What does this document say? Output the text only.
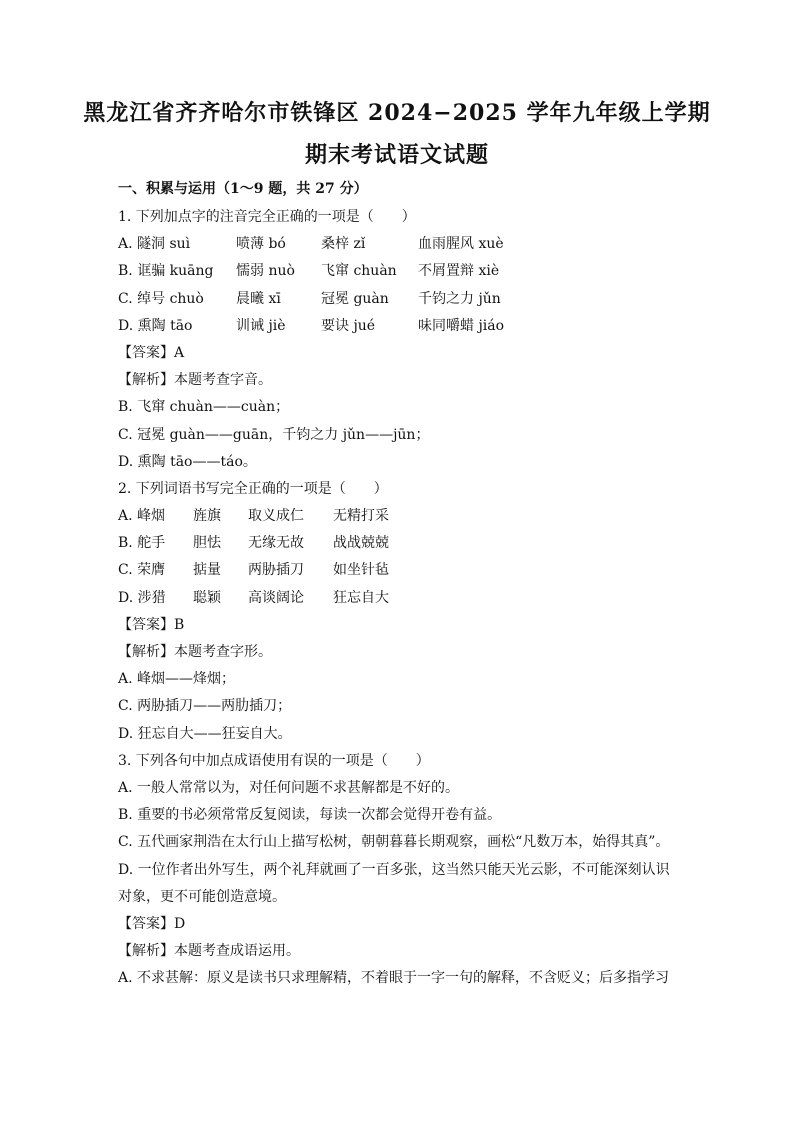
黑龙江省齐齐哈尔市铁锋区 2024−2025 学年九年级上学期
期末考试语文试题
一、积累与运用（1～9 题，共 27 分）
1. 下列加点字的注音完全正确的一项是（　　）
A. 隧洞 suì	喷薄 bó	桑梓 zǐ	血雨腥风 xuè
B. 诓骗 kuāng	懦弱 nuò	飞窜 chuàn	不屑置辩 xiè
C. 绰号 chuò	晨曦 xī	冠冕 guàn	千钧之力 jǔn
D. 熏陶 tāo	训诫 jiè	要诀 jué	味同嚼蜡 jiáo
【答案】A
【解析】本题考查字音。
B. 飞窜 chuàn——cuàn；
C. 冠冕 guàn——guān，千钧之力 jǔn——jūn；
D. 熏陶 tāo——táo。
2. 下列词语书写完全正确的一项是（　　）
A. 峰烟	旌旗	取义成仁	无精打采
B. 舵手	胆怯	无缘无故	战战兢兢
C. 荣膺	掂量	两胁插刀	如坐针毡
D. 涉猎	聪颖	高谈阔论	狂忘自大
【答案】B
【解析】本题考查字形。
A. 峰烟——烽烟；
C. 两胁插刀——两肋插刀；
D. 狂忘自大——狂妄自大。
3. 下列各句中加点成语使用有误的一项是（　　）
A. 一般人常常以为，对任何问题不求甚解都是不好的。
B. 重要的书必须常常反复阅读，每读一次都会觉得开卷有益。
C. 五代画家荆浩在太行山上描写松树，朝朝暮暮长期观察，画松“凡数万本，始得其真”。
D. 一位作者出外写生，两个礼拜就画了一百多张，这当然只能天光云影，不可能深刻认识对象，更不可能创造意境。
【答案】D
【解析】本题考查成语运用。
A. 不求甚解：原义是读书只求理解精，不着眼于一字一句的解释，不含贬义；后多指学习
